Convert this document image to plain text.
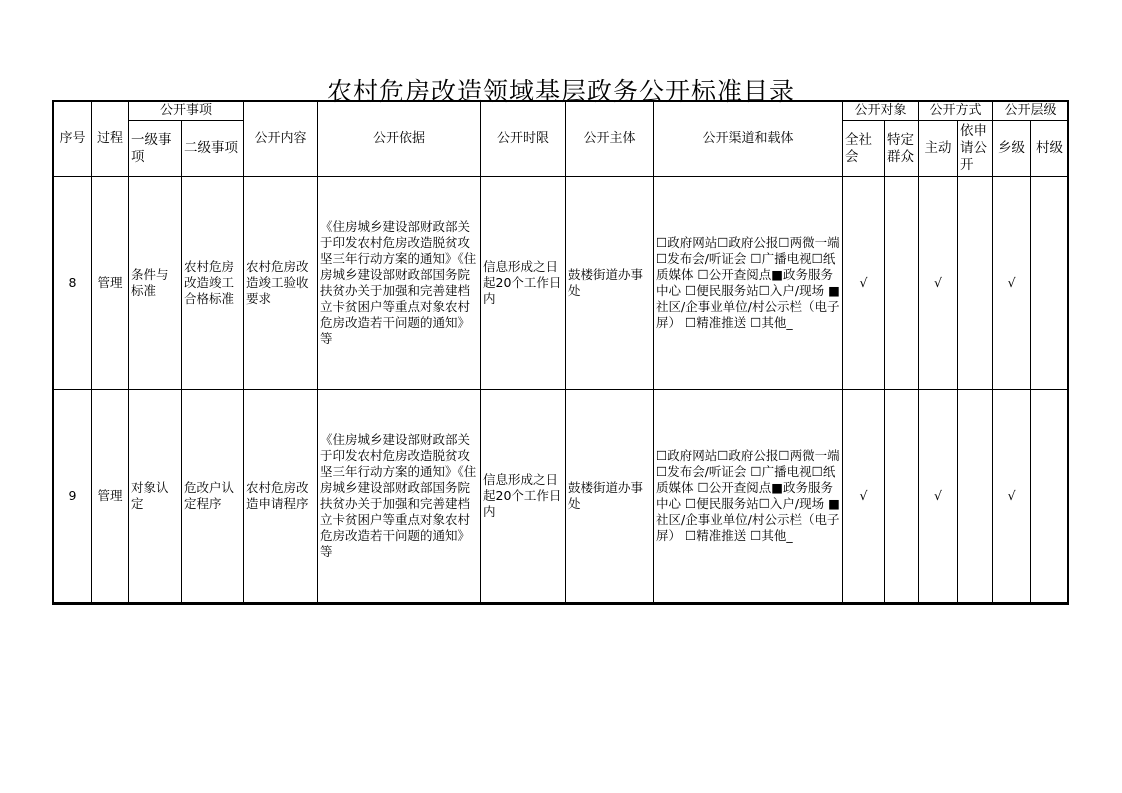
农村危房改造领域基层政务公开标准目录
序号	过程	公开事项		公开内容	公开依据	公开时限	公开主体	公开渠道和载体	公开对象		公开方式		公开层级	
		一级事项	二级事项						全社会	特定群众	主动	依申请公开	乡级	村级
8	管理	条件与标准	农村危房改造竣工合格标准	农村危房改造竣工验收要求	《住房城乡建设部财政部关于印发农村危房改造脱贫攻坚三年行动方案的通知》《住房城乡建设部财政部国务院扶贫办关于加强和完善建档立卡贫困户等重点对象农村危房改造若干问题的通知》等	信息形成之日起20个工作日内	鼓楼街道办事处	☐政府网站☐政府公报☐两微一端 ☐发布会/听证会 ☐广播电视☐纸质媒体 ☐公开查阅点■政务服务中心 ☐便民服务站☐入户/现场 ■社区/企事业单位/村公示栏（电子屏） ☐精准推送 ☐其他_	√		√		√	
9	管理	对象认定	危改户认定程序	农村危房改造申请程序	《住房城乡建设部财政部关于印发农村危房改造脱贫攻坚三年行动方案的通知》《住房城乡建设部财政部国务院扶贫办关于加强和完善建档立卡贫困户等重点对象农村危房改造若干问题的通知》等	信息形成之日起20个工作日内	鼓楼街道办事处	☐政府网站☐政府公报☐两微一端 ☐发布会/听证会 ☐广播电视☐纸质媒体 ☐公开查阅点■政务服务中心 ☐便民服务站☐入户/现场 ■社区/企事业单位/村公示栏（电子屏） ☐精准推送 ☐其他_	√		√		√	
